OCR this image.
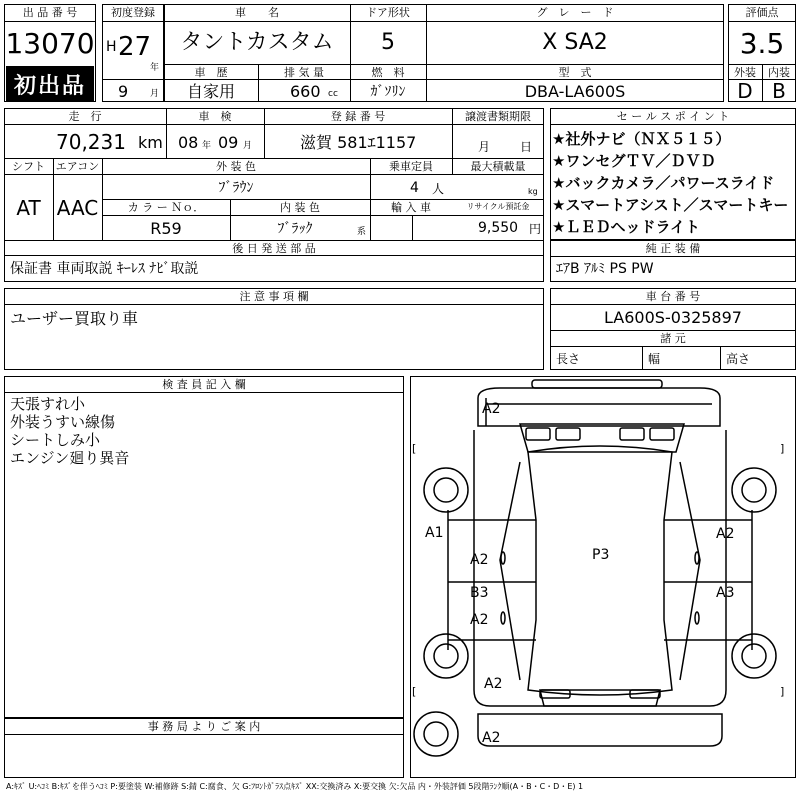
出 品 番 号
13070
初出品
初度登録
H 27
年
9 月
車　　名
タントカスタム
ドア形状
5
グ　レ　ー　ド
X SA2
車　歴
自家用
排 気 量
660 cc
燃　料
ｶﾞｿﾘﾝ
型　式
DBA-LA600S
評価点
3.5
外装	内装
D B
走　行
70,231 km
車　検
08 年 09 月
登 録 番 号
滋賀 581ｴ1157
譲渡書類期限
月 日
シフト
AT
エアコン
AAC
外 装 色
ﾌﾞﾗｳﾝ
乗車定員
4 人
最大積載量
kg
カ ラ ー Ｎｏ．
R59
内 装 色
ﾌﾞﾗｯｸ	系
輸 入 車	リサイクル預託金
9,550 円
後 日 発 送 部 品
保証書 車両取説 ｷｰﾚｽ ﾅﾋﾞ取説
セ ー ル ス ポ イ ン ト
★社外ナビ（ＮＸ５１５）
★ワンセグＴＶ／ＤＶＤ
★バックカメラ／パワースライド
★スマートアシスト／スマートキー
★ＬＥＤヘッドライト
純 正 装 備
ｴｱB ｱﾙﾐ PS PW
注 意 事 項 欄
ユーザー買取り車
車 台 番 号
LA600S-0325897
諸 元
長さ	幅	高さ
検 査 員 記 入 欄
天張すれ小
外装うすい線傷
シートしみ小
エンジン廻り異音
事 務 局 よ り ご 案 内
[	]
[	]
A2
A1
A2	P3
A2
B3
A2
A3
A2
A2
A:ｷｽﾞ U:ﾍｺﾐ B:ｷｽﾞを伴うﾍｺﾐ P:要塗装 W:補修跡 S:錆 C:腐食、欠 G:ﾌﾛﾝﾄｶﾞﾗｽ点ｷｽﾞ XX:交換済み X:要交換 欠:欠品 内・外装評価 5段階ﾗﾝｸ順(A・B・C・D・E) 1
